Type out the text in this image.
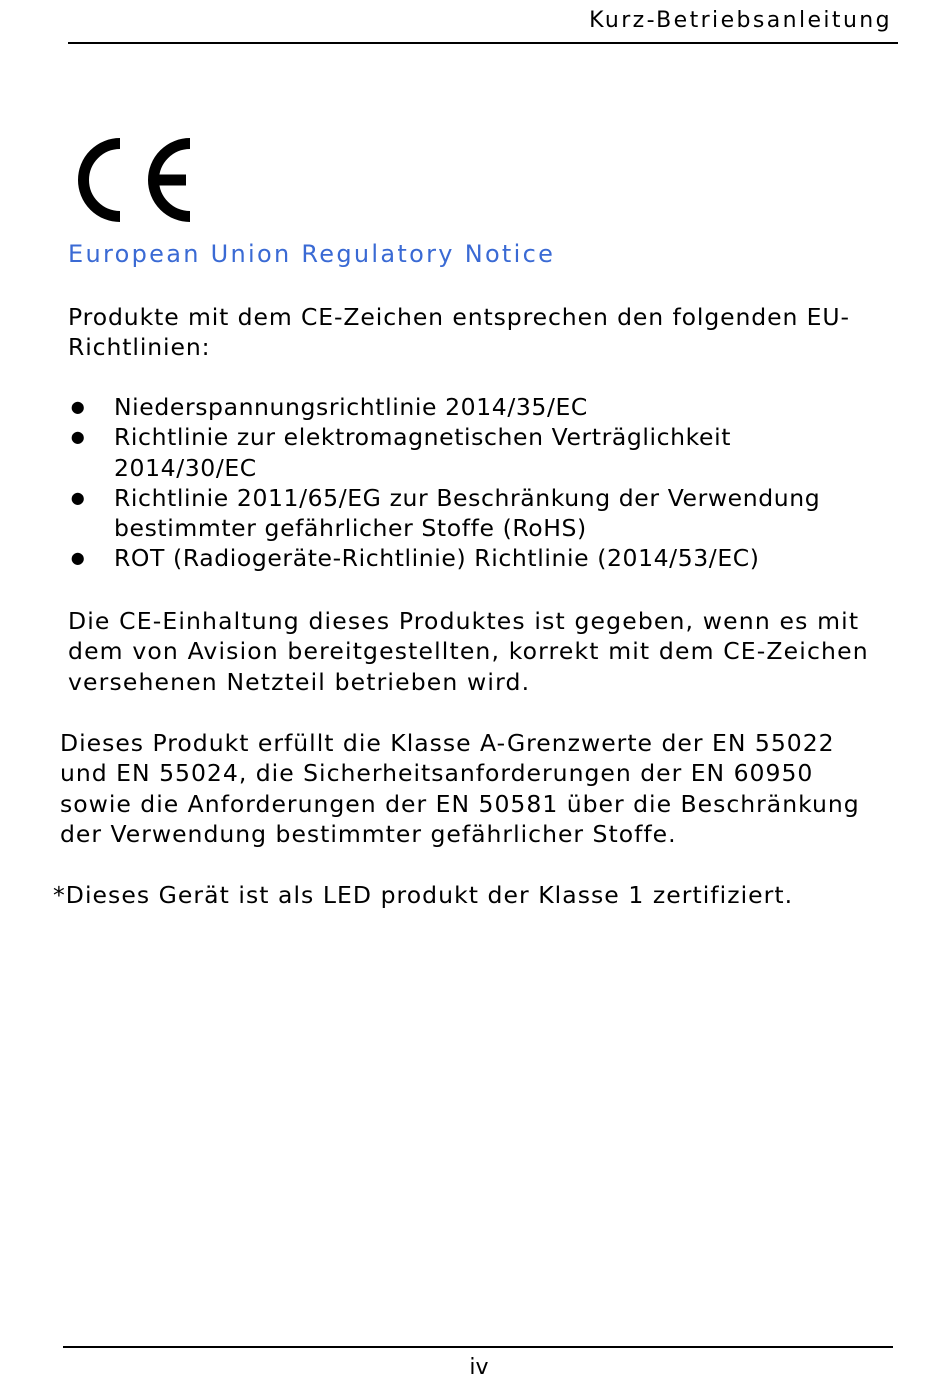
Kurz-Betriebsanleitung
European Union Regulatory Notice

Produkte mit dem CE-Zeichen entsprechen den folgenden EU-
Richtlinien:

● Niederspannungsrichtlinie 2014/35/EC
● Richtlinie zur elektromagnetischen Verträglichkeit
2014/30/EC
● Richtlinie 2011/65/EG zur Beschränkung der Verwendung
bestimmter gefährlicher Stoffe (RoHS)
● ROT (Radiogeräte-Richtlinie) Richtlinie (2014/53/EC)

Die CE-Einhaltung dieses Produktes ist gegeben, wenn es mit
dem von Avision bereitgestellten, korrekt mit dem CE-Zeichen
versehenen Netzteil betrieben wird.

Dieses Produkt erfüllt die Klasse A-Grenzwerte der EN 55022
und EN 55024, die Sicherheitsanforderungen der EN 60950
sowie die Anforderungen der EN 50581 über die Beschränkung
der Verwendung bestimmter gefährlicher Stoffe.

*Dieses Gerät ist als LED produkt der Klasse 1 zertifiziert.

iv
